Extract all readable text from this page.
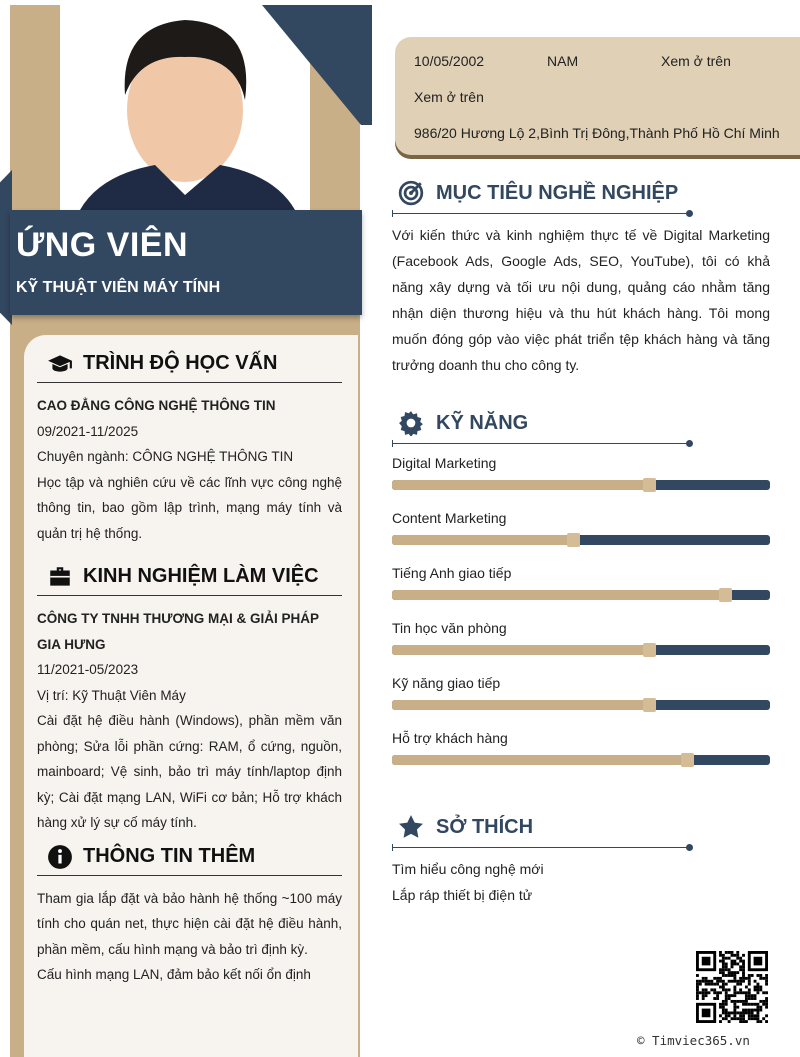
ỨNG VIÊN
KỸ THUẬT VIÊN MÁY TÍNH
TRÌNH ĐỘ HỌC VẤN
CAO ĐẲNG CÔNG NGHỆ THÔNG TIN
09/2021-11/2025
Chuyên ngành: CÔNG NGHỆ THÔNG TIN
Học tập và nghiên cứu về các lĩnh vực công nghệ thông tin, bao gồm lập trình, mạng máy tính và quản trị hệ thống.
KINH NGHIỆM LÀM VIỆC
CÔNG TY TNHH THƯƠNG MẠI & GIẢI PHÁP GIA HƯNG
11/2021-05/2023
Vị trí: Kỹ Thuật Viên Máy
Cài đặt hệ điều hành (Windows), phần mềm văn phòng; Sửa lỗi phần cứng: RAM, ổ cứng, nguồn, mainboard; Vệ sinh, bảo trì máy tính/laptop định kỳ; Cài đặt mạng LAN, WiFi cơ bản; Hỗ trợ khách hàng xử lý sự cố máy tính.
THÔNG TIN THÊM
Tham gia lắp đặt và bảo hành hệ thống ~100 máy tính cho quán net, thực hiện cài đặt hệ điều hành, phần mềm, cấu hình mạng và bảo trì định kỳ.
Cấu hình mạng LAN, đảm bảo kết nối ổn định
10/05/2002	NAM	Xem ở trên
Xem ở trên
986/20 Hương Lộ 2,Bình Trị Đông,Thành Phố Hồ Chí Minh
MỤC TIÊU NGHỀ NGHIỆP
Với kiến thức và kinh nghiệm thực tế về Digital Marketing (Facebook Ads, Google Ads, SEO, YouTube), tôi có khả năng xây dựng và tối ưu nội dung, quảng cáo nhằm tăng nhận diện thương hiệu và thu hút khách hàng. Tôi mong muốn đóng góp vào việc phát triển tệp khách hàng và tăng trưởng doanh thu cho công ty.
KỸ NĂNG
Digital Marketing
Content Marketing
Tiếng Anh giao tiếp
Tin học văn phòng
Kỹ năng giao tiếp
Hỗ trợ khách hàng
SỞ THÍCH
Tìm hiểu công nghệ mới
Lắp ráp thiết bị điện tử
© Timviec365.vn
